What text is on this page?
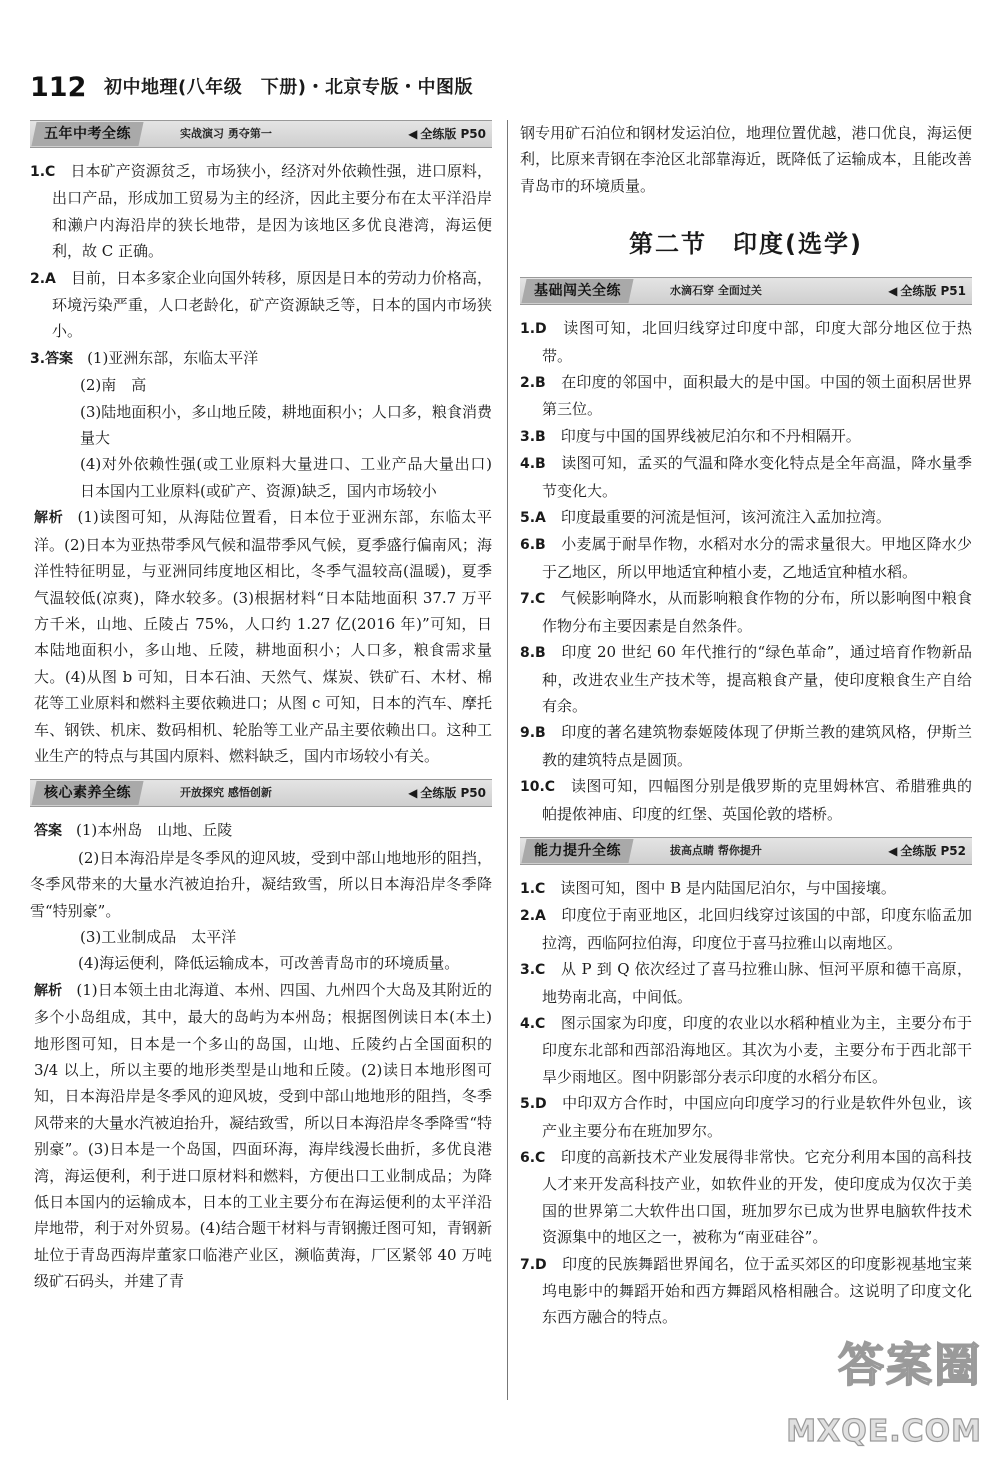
112 初中地理(八年级　下册)・北京专版・中图版
五年中考全练	实战演习 勇夺第一	◀ 全练版 P50

1.C　 日本矿产资源贫乏，市场狭小，经济对外依赖性强，进口原料，出口产品，形成加工贸易为主的经济，因此主要分布在太平洋沿岸和濑户内海沿岸的狭长地带，是因为该地区多优良港湾，海运便利，故 C 正确。

2.A　 目前，日本多家企业向国外转移，原因是日本的劳动力价格高，环境污染严重，人口老龄化，矿产资源缺乏等，日本的国内市场狭小。

3.答案 (1)亚洲东部，东临太平洋

(2)南　高

(3)陆地面积小，多山地丘陵，耕地面积小；人口多，粮食消费量大

(4)对外依赖性强(或工业原料大量进口、工业产品大量出口)　日本国内工业原料(或矿产、资源)缺乏，国内市场较小

解析 (1)读图可知，从海陆位置看，日本位于亚洲东部，东临太平洋。(2)日本为亚热带季风气候和温带季风气候，夏季盛行偏南风；海洋性特征明显，与亚洲同纬度地区相比，冬季气温较高(温暖)，夏季气温较低(凉爽)，降水较多。(3)根据材料“日本陆地面积 37.7 万平方千米，山地、丘陵占 75%，人口约 1.27 亿(2016 年)”可知，日本陆地面积小，多山地、丘陵，耕地面积小；人口多，粮食需求量大。(4)从图 b 可知，日本石油、天然气、煤炭、铁矿石、木材、棉花等工业原料和燃料主要依赖进口；从图 c 可知，日本的汽车、摩托车、钢铁、机床、数码相机、轮胎等工业产品主要依赖出口。这种工业生产的特点与其国内原料、燃料缺乏，国内市场较小有关。

核心素养全练	开放探究 感悟创新	◀ 全练版 P50

答案 (1)本州岛　山地、丘陵

(2)日本海沿岸是冬季风的迎风坡，受到中部山地地形的阻挡，冬季风带来的大量水汽被迫抬升，凝结致雪，所以日本海沿岸冬季降雪“特别豪”。

(3)工业制成品　太平洋

(4)海运便利，降低运输成本，可改善青岛市的环境质量。

解析 (1)日本领土由北海道、本州、四国、九州四个大岛及其附近的多个小岛组成，其中，最大的岛屿为本州岛；根据图例读日本(本土)地形图可知，日本是一个多山的岛国，山地、丘陵约占全国面积的 3/4 以上，所以主要的地形类型是山地和丘陵。(2)读日本地形图可知，日本海沿岸是冬季风的迎风坡，受到中部山地地形的阻挡，冬季风带来的大量水汽被迫抬升，凝结致雪，所以日本海沿岸冬季降雪“特别豪”。(3)日本是一个岛国，四面环海，海岸线漫长曲折，多优良港湾，海运便利，利于进口原材料和燃料，方便出口工业制成品；为降低日本国内的运输成本，日本的工业主要分布在海运便利的太平洋沿岸地带，利于对外贸易。(4)结合题干材料与青钢搬迁图可知，青钢新址位于青岛西海岸董家口临港产业区，濒临黄海，厂区紧邻 40 万吨级矿石码头，并建了青

钢专用矿石泊位和钢材发运泊位，地理位置优越，港口优良，海运便利，比原来青钢在李沧区北部靠海近，既降低了运输成本，且能改善青岛市的环境质量。

第二节　印度(选学)
基础闯关全练	水滴石穿 全面过关	◀ 全练版 P51

1.D　 读图可知，北回归线穿过印度中部，印度大部分地区位于热带。

2.B　 在印度的邻国中，面积最大的是中国。中国的领土面积居世界第三位。

3.B　 印度与中国的国界线被尼泊尔和不丹相隔开。

4.B　 读图可知，孟买的气温和降水变化特点是全年高温，降水量季节变化大。

5.A　 印度最重要的河流是恒河，该河流注入孟加拉湾。

6.B　 小麦属于耐旱作物，水稻对水分的需求量很大。甲地区降水少于乙地区，所以甲地适宜种植小麦，乙地适宜种植水稻。

7.C　 气候影响降水，从而影响粮食作物的分布，所以影响图中粮食作物分布主要因素是自然条件。

8.B　 印度 20 世纪 60 年代推行的“绿色革命”，通过培育作物新品种，改进农业生产技术等，提高粮食产量，使印度粮食生产自给有余。

9.B　 印度的著名建筑物泰姬陵体现了伊斯兰教的建筑风格，伊斯兰教的建筑特点是圆顶。

10.C　 读图可知，四幅图分别是俄罗斯的克里姆林宫、希腊雅典的帕提侬神庙、印度的红堡、英国伦敦的塔桥。

能力提升全练	拔高点睛 帮你提升	◀ 全练版 P52

1.C　 读图可知，图中 B 是内陆国尼泊尔，与中国接壤。

2.A　 印度位于南亚地区，北回归线穿过该国的中部，印度东临孟加拉湾，西临阿拉伯海，印度位于喜马拉雅山以南地区。

3.C　 从 P 到 Q 依次经过了喜马拉雅山脉、恒河平原和德干高原，地势南北高，中间低。

4.C　 图示国家为印度，印度的农业以水稻种植业为主，主要分布于印度东北部和西部沿海地区。其次为小麦，主要分布于西北部干旱少雨地区。图中阴影部分表示印度的水稻分布区。

5.D　 中印双方合作时，中国应向印度学习的行业是软件外包业，该产业主要分布在班加罗尔。

6.C　 印度的高新技术产业发展得非常快。它充分利用本国的高科技人才来开发高科技产业，如软件业的开发，使印度成为仅次于美国的世界第二大软件出口国，班加罗尔已成为世界电脑软件技术资源集中的地区之一，被称为“南亚硅谷”。

7.D　 印度的民族舞蹈世界闻名，位于孟买郊区的印度影视基地宝莱坞电影中的舞蹈开始和西方舞蹈风格相融合。这说明了印度文化东西方融合的特点。

答案圈
MXQE.COM
